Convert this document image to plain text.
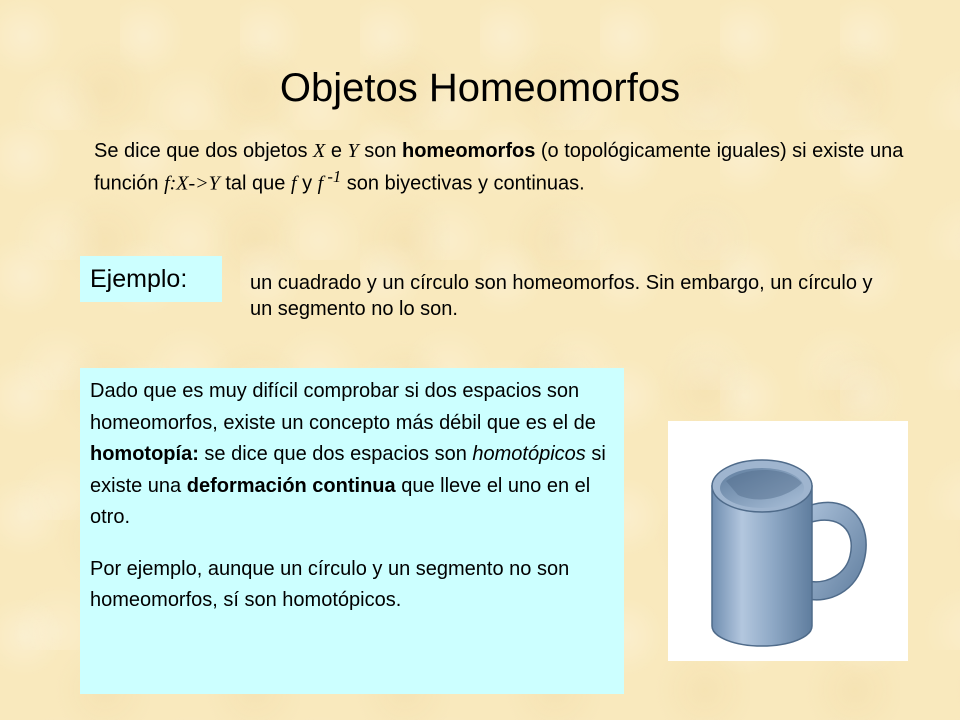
Objetos Homeomorfos
Se dice que dos objetos X e Y son homeomorfos (o topológicamente iguales) si existe una función f:X->Y tal que f y f $^{-1}$ son biyectivas y continuas.
Ejemplo:	un cuadrado y un círculo son homeomorfos. Sin embargo, un círculo y un segmento no lo son.

Dado que es muy difícil comprobar si dos espacios son homeomorfos, existe un concepto más débil que es el de homotopía: se dice que dos espacios son homotópicos si existe una deformación continua que lleve el uno en el otro.

Por ejemplo, aunque un círculo y un segmento no son homeomorfos, sí son homotópicos.
